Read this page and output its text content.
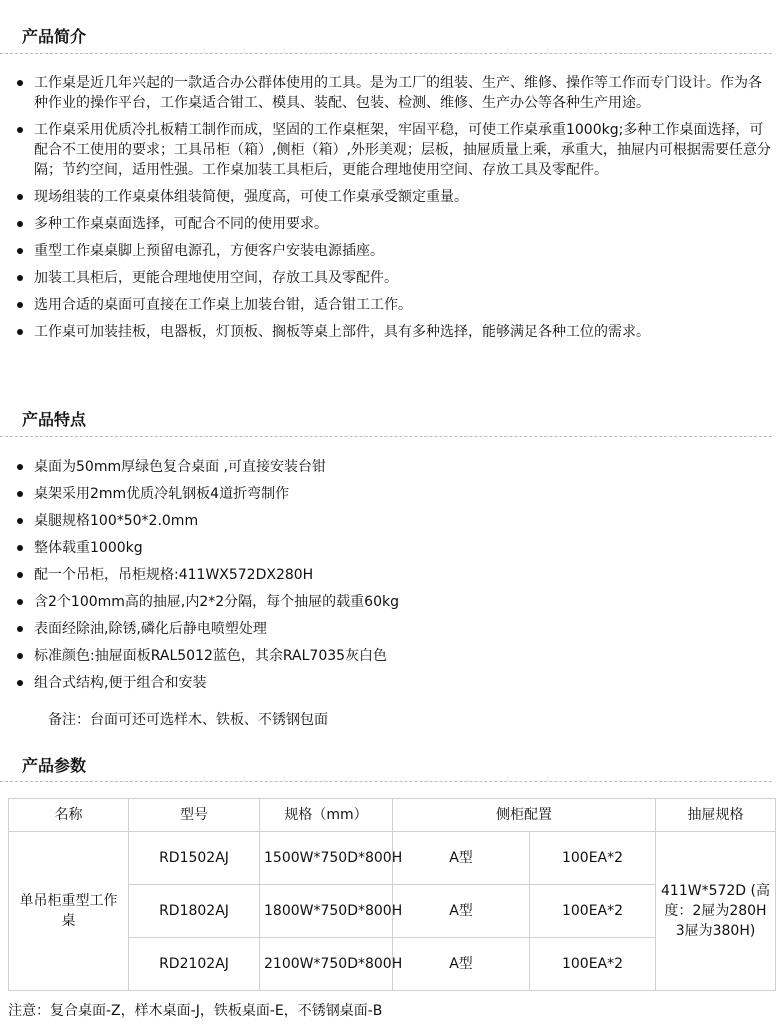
产品简介
工作桌是近几年兴起的一款适合办公群体使用的工具。是为工厂的组装、生产、维修、操作等工作而专门设计。作为各种作业的操作平台，工作桌适合钳工、模具、装配、包装、检测、维修、生产办公等各种生产用途。
工作桌采用优质冷扎板精工制作而成，坚固的工作桌框架，牢固平稳，可使工作桌承重1000kg;多种工作桌面选择，可配合不工使用的要求；工具吊柜（箱）,侧柜（箱）,外形美观；层板，抽屉质量上乘，承重大，抽屉内可根据需要任意分隔；节约空间，适用性强。工作桌加装工具柜后，更能合理地使用空间、存放工具及零配件。
现场组装的工作桌桌体组装简便，强度高，可使工作桌承受额定重量。
多种工作桌桌面选择，可配合不同的使用要求。
重型工作桌桌脚上预留电源孔，方便客户安装电源插座。
加装工具柜后，更能合理地使用空间，存放工具及零配件。
选用合适的桌面可直接在工作桌上加装台钳，适合钳工工作。
工作桌可加装挂板，电器板，灯顶板、搁板等桌上部件，具有多种选择，能够满足各种工位的需求。
产品特点
桌面为50mm厚绿色复合桌面 ,可直接安装台钳
桌架采用2mm优质冷轧钢板4道折弯制作
桌腿规格100*50*2.0mm
整体载重1000kg
配一个吊柜，吊柜规格:411WX572DX280H
含2个100mm高的抽屉,内2*2分隔，每个抽屉的载重60kg
表面经除油,除锈,磷化后静电喷塑处理
标准颜色:抽屉面板RAL5012蓝色，其余RAL7035灰白色
组合式结构,便于组合和安装
备注：台面可还可选样木、铁板、不锈钢包面
产品参数
名称	型号	规格（mm）	侧柜配置		抽屉规格
单吊柜重型工作桌	RD1502AJ	1500W*750D*800H	A型	100EA*2	411W*572D (高度：2屉为280H 3屉为380H)
	RD1802AJ	1800W*750D*800H	A型	100EA*2	
	RD2102AJ	2100W*750D*800H	A型	100EA*2	
注意：复合桌面-Z，样木桌面-J，铁板桌面-E，不锈钢桌面-B
